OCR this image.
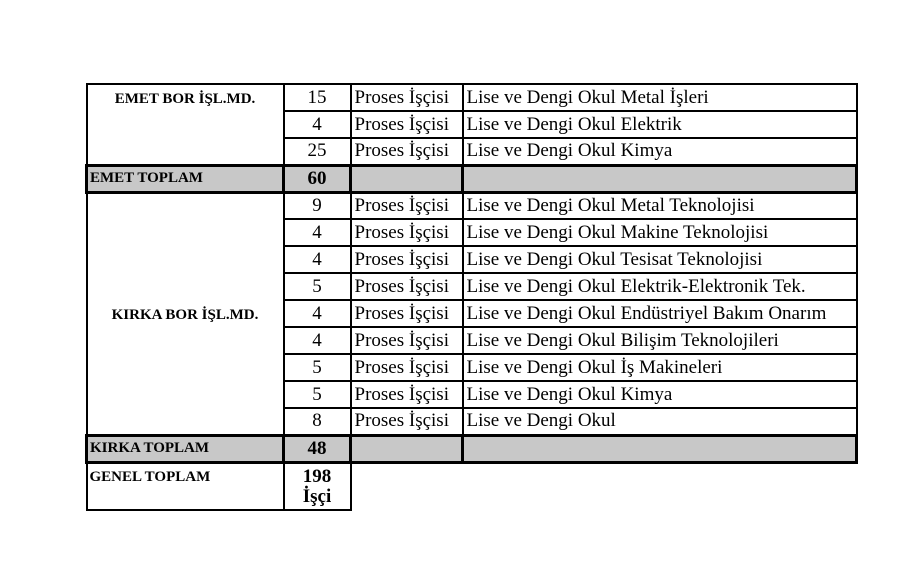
EMET BOR İŞL.MD.	15	Proses İşçisi	Lise ve Dengi Okul Metal İşleri
	4	Proses İşçisi	Lise ve Dengi Okul Elektrik
	25	Proses İşçisi	Lise ve Dengi Okul Kimya
EMET TOPLAM	60		
KIRKA BOR İŞL.MD.	9	Proses İşçisi	Lise ve Dengi Okul Metal Teknolojisi
	4	Proses İşçisi	Lise ve Dengi Okul Makine Teknolojisi
	4	Proses İşçisi	Lise ve Dengi Okul Tesisat Teknolojisi
	5	Proses İşçisi	Lise ve Dengi Okul Elektrik-Elektronik Tek.
	4	Proses İşçisi	Lise ve Dengi Okul Endüstriyel Bakım Onarım
	4	Proses İşçisi	Lise ve Dengi Okul Bilişim Teknolojileri
	5	Proses İşçisi	Lise ve Dengi Okul İş Makineleri
	5	Proses İşçisi	Lise ve Dengi Okul Kimya
	8	Proses İşçisi	Lise ve Dengi Okul
KIRKA TOPLAM	48		
GENEL TOPLAM	198
İşçi		
